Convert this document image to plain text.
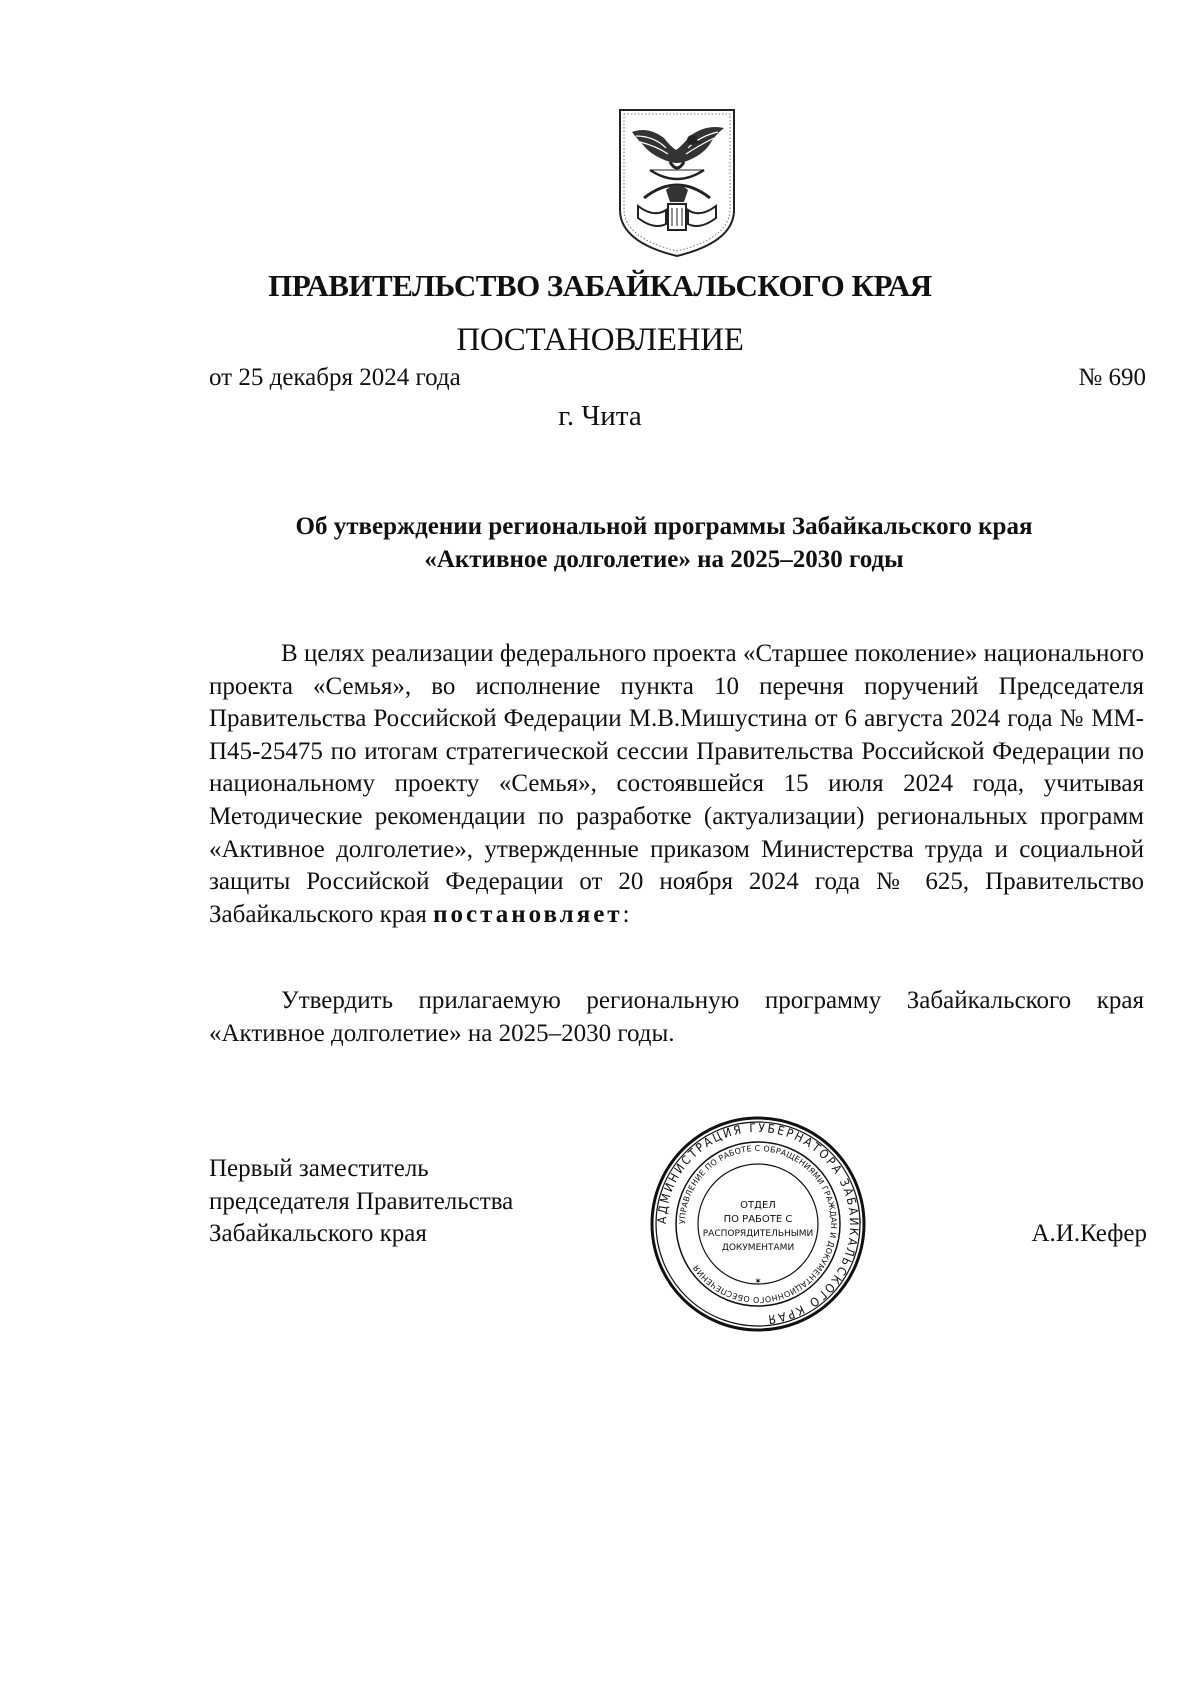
ПРАВИТЕЛЬСТВО ЗАБАЙКАЛЬСКОГО КРАЯ
ПОСТАНОВЛЕНИЕ
от 25 декабря 2024 года	№ 690
г. Чита
Об утверждении региональной программы Забайкальского края
«Активное долголетие» на 2025–2030 годы

В целях реализации федерального проекта «Старшее поколение» национального проекта «Семья», во исполнение пункта 10 перечня поручений Председателя Правительства Российской Федерации М.В.Мишустина от 6 августа 2024 года № ММ-П45-25475 по итогам стратегической сессии Правительства Российской Федерации по национальному проекту «Семья», состоявшейся 15 июля 2024 года, учитывая Методические рекомендации по разработке (актуализации) региональных программ «Активное долголетие», утвержденные приказом Министерства труда и социальной защиты Российской Федерации от 20 ноября 2024 года № 625, Правительство Забайкальского края постановляет:

Утвердить прилагаемую региональную программу Забайкальского края «Активное долголетие» на 2025–2030 годы.

Первый заместитель
председателя Правительства
Забайкальского края
АДМИНИСТРАЦИЯ ГУБЕРНАТОРА ЗАБАЙКАЛЬСКОГО КРАЯ
УПРАВЛЕНИЕ ПО РАБОТЕ С ОБРАЩЕНИЯМИ ГРАЖДАН И ДОКУМЕНТАЦИОННОГО ОБЕСПЕЧЕНИЯ
ОТДЕЛ
ПО РАБОТЕ С
РАСПОРЯДИТЕЛЬНЫМИ
ДОКУМЕНТАМИ
✶
А.И.Кефер
